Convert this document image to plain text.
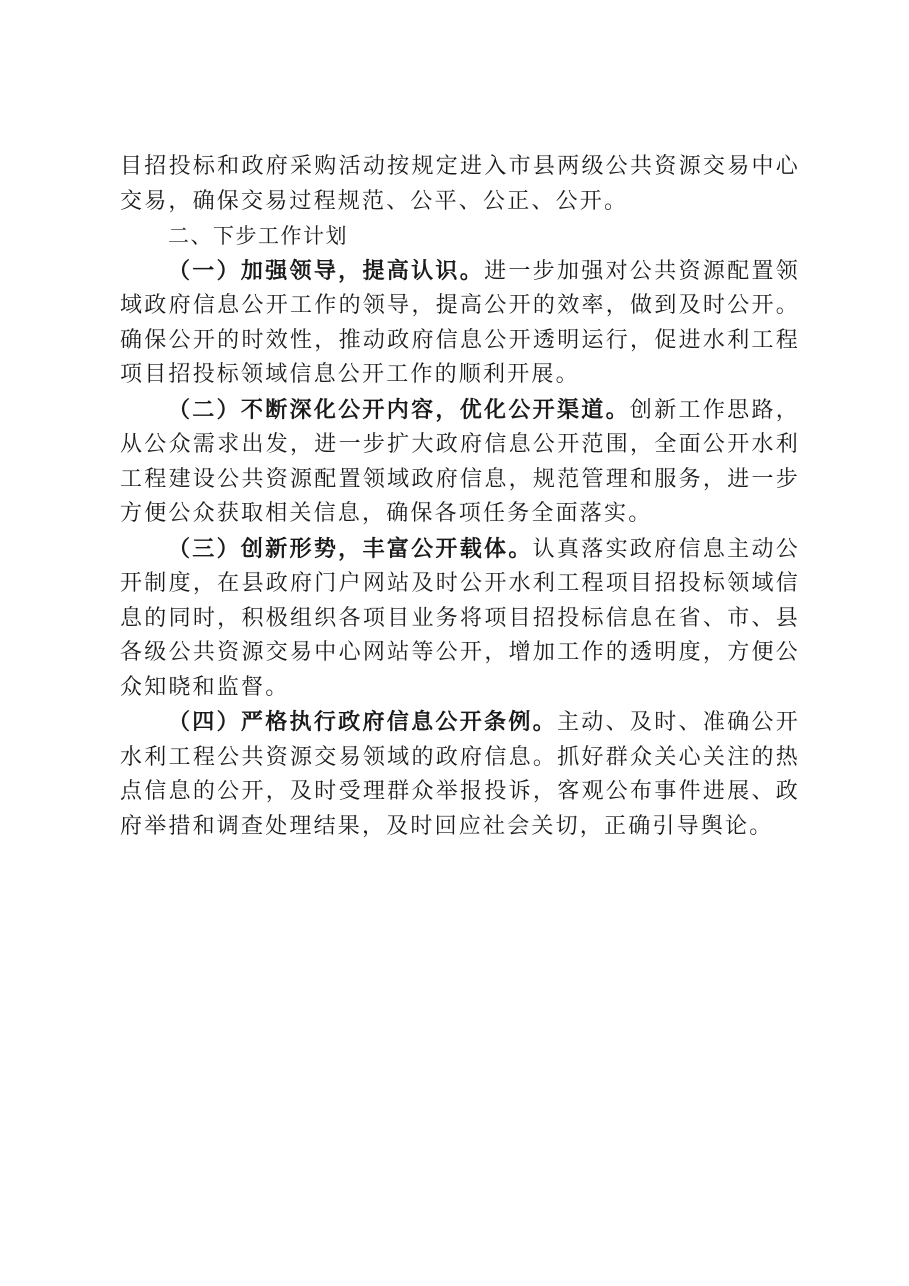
目招投标和政府采购活动按规定进入市县两级公共资源交易中心交易，确保交易过程规范、公平、公正、公开。

二、下步工作计划

（一）加强领导，提高认识。进一步加强对公共资源配置领域政府信息公开工作的领导，提高公开的效率，做到及时公开。确保公开的时效性，推动政府信息公开透明运行，促进水利工程项目招投标领域信息公开工作的顺利开展。

（二）不断深化公开内容，优化公开渠道。创新工作思路，从公众需求出发，进一步扩大政府信息公开范围，全面公开水利工程建设公共资源配置领域政府信息，规范管理和服务，进一步方便公众获取相关信息，确保各项任务全面落实。

（三）创新形势，丰富公开载体。认真落实政府信息主动公开制度，在县政府门户网站及时公开水利工程项目招投标领域信息的同时，积极组织各项目业务将项目招投标信息在省、市、县各级公共资源交易中心网站等公开，增加工作的透明度，方便公众知晓和监督。

（四）严格执行政府信息公开条例。主动、及时、准确公开水利工程公共资源交易领域的政府信息。抓好群众关心关注的热点信息的公开，及时受理群众举报投诉，客观公布事件进展、政府举措和调查处理结果，及时回应社会关切，正确引导舆论。
